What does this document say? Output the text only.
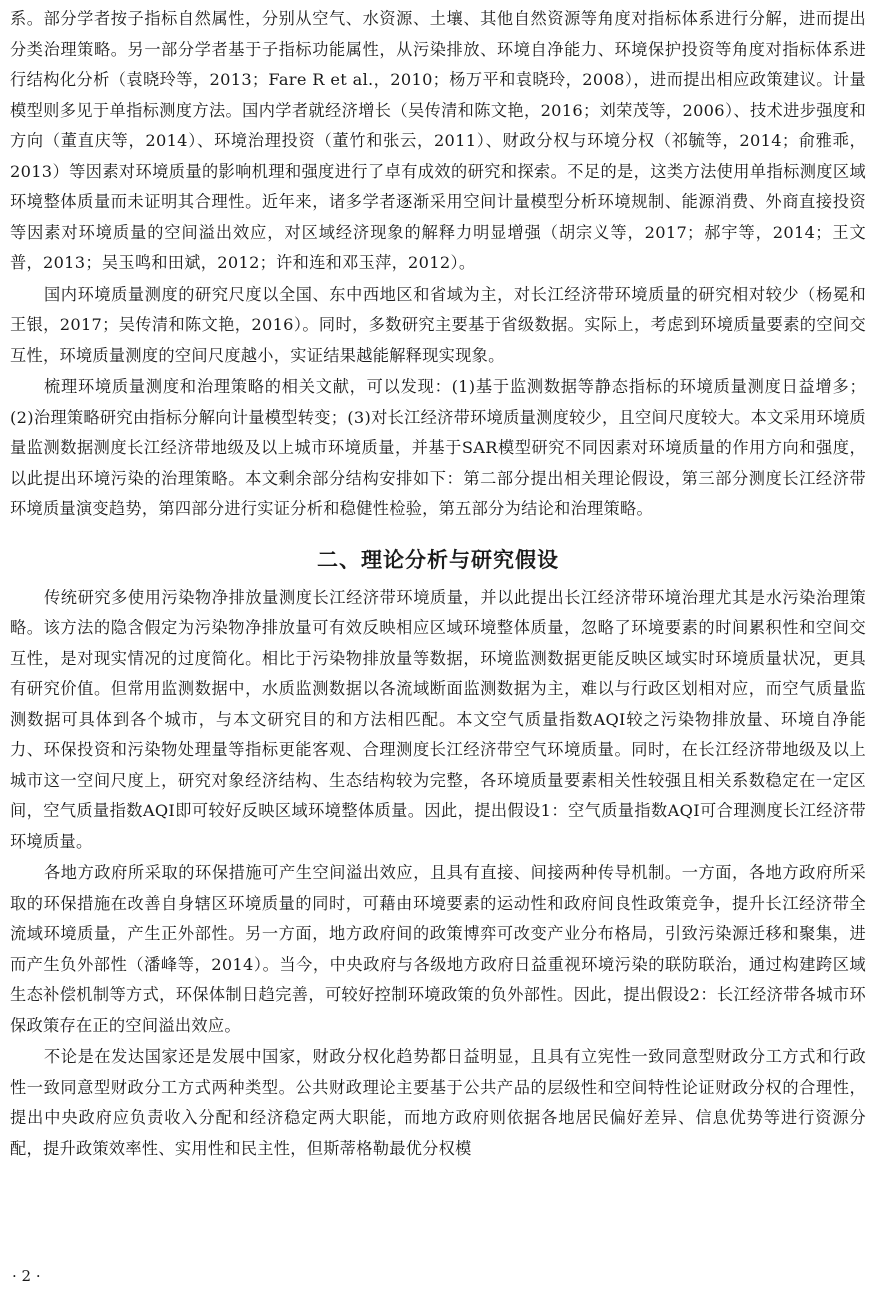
系。部分学者按子指标自然属性，分别从空气、水资源、土壤、其他自然资源等角度对指标体系进行分解，进而提出分类治理策略。另一部分学者基于子指标功能属性，从污染排放、环境自净能力、环境保护投资等角度对指标体系进行结构化分析（袁晓玲等，2013；Fare R et al.，2010；杨万平和袁晓玲，2008），进而提出相应政策建议。计量模型则多见于单指标测度方法。国内学者就经济增长（吴传清和陈文艳，2016；刘荣茂等，2006）、技术进步强度和方向（董直庆等，2014）、环境治理投资（董竹和张云，2011）、财政分权与环境分权（祁毓等，2014；俞雅乖，2013）等因素对环境质量的影响机理和强度进行了卓有成效的研究和探索。不足的是，这类方法使用单指标测度区域环境整体质量而未证明其合理性。近年来，诸多学者逐渐采用空间计量模型分析环境规制、能源消费、外商直接投资等因素对环境质量的空间溢出效应，对区域经济现象的解释力明显增强（胡宗义等，2017；郝宇等，2014；王文普，2013；吴玉鸣和田斌，2012；许和连和邓玉萍，2012）。

国内环境质量测度的研究尺度以全国、东中西地区和省域为主，对长江经济带环境质量的研究相对较少（杨冕和王银，2017；吴传清和陈文艳，2016）。同时，多数研究主要基于省级数据。实际上，考虑到环境质量要素的空间交互性，环境质量测度的空间尺度越小，实证结果越能解释现实现象。

梳理环境质量测度和治理策略的相关文献，可以发现：(1)基于监测数据等静态指标的环境质量测度日益增多；(2)治理策略研究由指标分解向计量模型转变；(3)对长江经济带环境质量测度较少，且空间尺度较大。本文采用环境质量监测数据测度长江经济带地级及以上城市环境质量，并基于SAR模型研究不同因素对环境质量的作用方向和强度，以此提出环境污染的治理策略。本文剩余部分结构安排如下：第二部分提出相关理论假设，第三部分测度长江经济带环境质量演变趋势，第四部分进行实证分析和稳健性检验，第五部分为结论和治理策略。

二、理论分析与研究假设

传统研究多使用污染物净排放量测度长江经济带环境质量，并以此提出长江经济带环境治理尤其是水污染治理策略。该方法的隐含假定为污染物净排放量可有效反映相应区域环境整体质量，忽略了环境要素的时间累积性和空间交互性，是对现实情况的过度简化。相比于污染物排放量等数据，环境监测数据更能反映区域实时环境质量状况，更具有研究价值。但常用监测数据中，水质监测数据以各流域断面监测数据为主，难以与行政区划相对应，而空气质量监测数据可具体到各个城市，与本文研究目的和方法相匹配。本文空气质量指数AQI较之污染物排放量、环境自净能力、环保投资和污染物处理量等指标更能客观、合理测度长江经济带空气环境质量。同时，在长江经济带地级及以上城市这一空间尺度上，研究对象经济结构、生态结构较为完整，各环境质量要素相关性较强且相关系数稳定在一定区间，空气质量指数AQI即可较好反映区域环境整体质量。因此，提出假设1：空气质量指数AQI可合理测度长江经济带环境质量。

各地方政府所采取的环保措施可产生空间溢出效应，且具有直接、间接两种传导机制。一方面，各地方政府所采取的环保措施在改善自身辖区环境质量的同时，可藉由环境要素的运动性和政府间良性政策竞争，提升长江经济带全流域环境质量，产生正外部性。另一方面，地方政府间的政策博弈可改变产业分布格局，引致污染源迁移和聚集，进而产生负外部性（潘峰等，2014）。当今，中央政府与各级地方政府日益重视环境污染的联防联治，通过构建跨区域生态补偿机制等方式，环保体制日趋完善，可较好控制环境政策的负外部性。因此，提出假设2：长江经济带各城市环保政策存在正的空间溢出效应。

不论是在发达国家还是发展中国家，财政分权化趋势都日益明显，且具有立宪性一致同意型财政分工方式和行政性一致同意型财政分工方式两种类型。公共财政理论主要基于公共产品的层级性和空间特性论证财政分权的合理性，提出中央政府应负责收入分配和经济稳定两大职能，而地方政府则依据各地居民偏好差异、信息优势等进行资源分配，提升政策效率性、实用性和民主性，但斯蒂格勒最优分权模

· 2 ·
